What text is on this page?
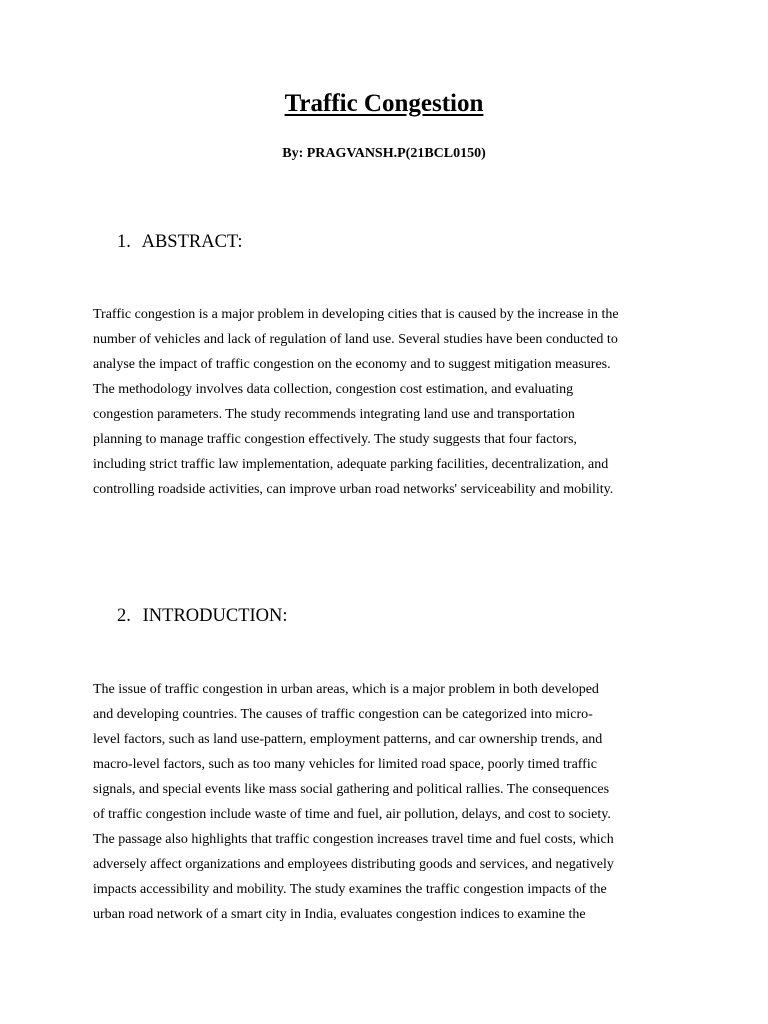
Traffic Congestion

By: PRAGVANSH.P(21BCL0150)

1. ABSTRACT:
Traffic congestion is a major problem in developing cities that is caused by the increase in the
number of vehicles and lack of regulation of land use. Several studies have been conducted to
analyse the impact of traffic congestion on the economy and to suggest mitigation measures.
The methodology involves data collection, congestion cost estimation, and evaluating
congestion parameters. The study recommends integrating land use and transportation
planning to manage traffic congestion effectively. The study suggests that four factors,
including strict traffic law implementation, adequate parking facilities, decentralization, and
controlling roadside activities, can improve urban road networks' serviceability and mobility.
2. INTRODUCTION:
The issue of traffic congestion in urban areas, which is a major problem in both developed
and developing countries. The causes of traffic congestion can be categorized into micro-
level factors, such as land use-pattern, employment patterns, and car ownership trends, and
macro-level factors, such as too many vehicles for limited road space, poorly timed traffic
signals, and special events like mass social gathering and political rallies. The consequences
of traffic congestion include waste of time and fuel, air pollution, delays, and cost to society.
The passage also highlights that traffic congestion increases travel time and fuel costs, which
adversely affect organizations and employees distributing goods and services, and negatively
impacts accessibility and mobility. The study examines the traffic congestion impacts of the
urban road network of a smart city in India, evaluates congestion indices to examine the
